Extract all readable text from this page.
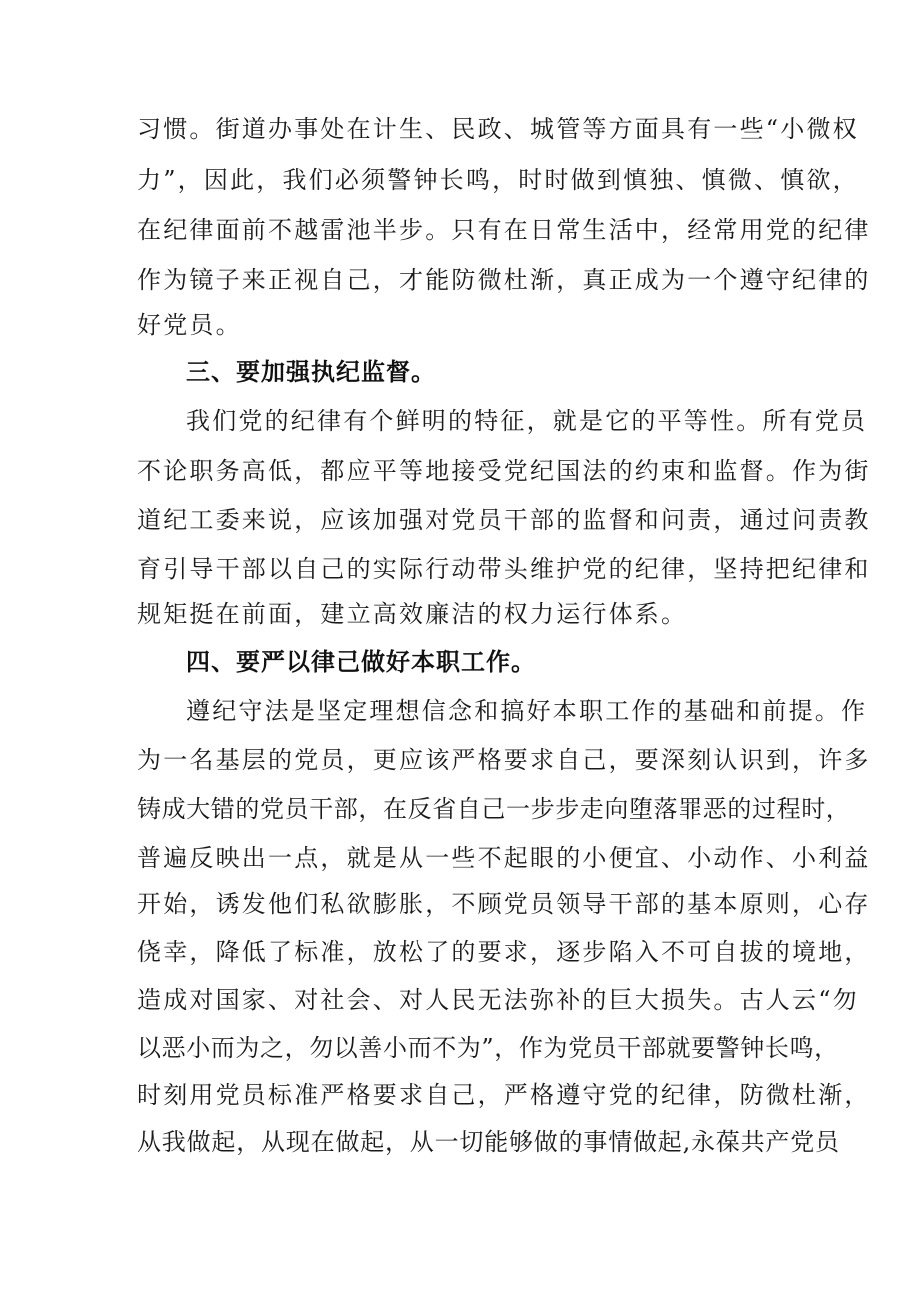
习惯。街道办事处在计生、民政、城管等方面具有一些“小微权
力”，因此，我们必须警钟长鸣，时时做到慎独、慎微、慎欲，
在纪律面前不越雷池半步。只有在日常生活中，经常用党的纪律
作为镜子来正视自己，才能防微杜渐，真正成为一个遵守纪律的
好党员。
三、要加强执纪监督。
我们党的纪律有个鲜明的特征，就是它的平等性。所有党员
不论职务高低，都应平等地接受党纪国法的约束和监督。作为街
道纪工委来说，应该加强对党员干部的监督和问责，通过问责教
育引导干部以自己的实际行动带头维护党的纪律，坚持把纪律和
规矩挺在前面，建立高效廉洁的权力运行体系。
四、要严以律己做好本职工作。
遵纪守法是坚定理想信念和搞好本职工作的基础和前提。作
为一名基层的党员，更应该严格要求自己，要深刻认识到，许多
铸成大错的党员干部，在反省自己一步步走向堕落罪恶的过程时，
普遍反映出一点，就是从一些不起眼的小便宜、小动作、小利益
开始，诱发他们私欲膨胀，不顾党员领导干部的基本原则，心存
侥幸，降低了标准，放松了的要求，逐步陷入不可自拔的境地，
造成对国家、对社会、对人民无法弥补的巨大损失。古人云“勿
以恶小而为之，勿以善小而不为”，作为党员干部就要警钟长鸣，
时刻用党员标准严格要求自己，严格遵守党的纪律，防微杜渐，
从我做起，从现在做起，从一切能够做的事情做起,永葆共产党员
